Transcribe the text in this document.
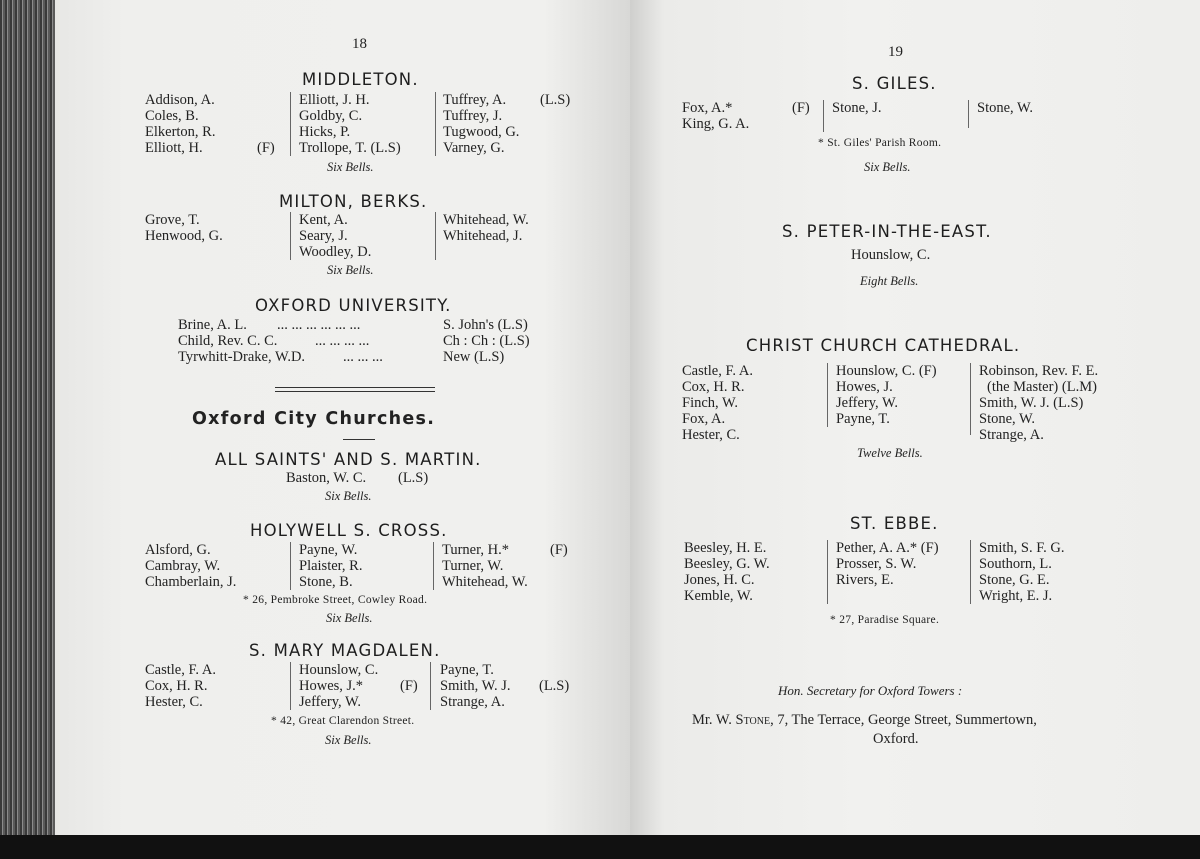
18
MIDDLETON.
Addison, A.
Coles, B.
Elkerton, R.
Elliott, H.	(F)
Elliott, J. H.
Goldby, C.
Hicks, P.
Trollope, T. (L.S)
Tuffrey, A.
Tuffrey, J.
Tugwood, G.
Varney, G.
(L.S)
Six Bells.
MILTON, BERKS.
Grove, T.
Henwood, G.
Kent, A.
Seary, J.
Woodley, D.
Whitehead, W.
Whitehead, J.
Six Bells.
OXFORD UNIVERSITY.
Brine, A. L.
Child, Rev. C. C.
Tyrwhitt-Drake, W.D.
... ... ... ... ... ...
... ... ... ...
... ... ...
S. John's (L.S)
Ch : Ch : (L.S)
New (L.S)
Oxford City Churches.
ALL SAINTS' AND S. MARTIN.
Baston, W. C. (L.S)
Six Bells.
HOLYWELL S. CROSS.
Alsford, G.
Cambray, W.
Chamberlain, J.
Payne, W.
Plaister, R.
Stone, B.
Turner, H.*
Turner, W.
Whitehead, W.
(F)
* 26, Pembroke Street, Cowley Road.
Six Bells.
S. MARY MAGDALEN.
Castle, F. A.
Cox, H. R.
Hester, C.
Hounslow, C.
Howes, J.*
Jeffery, W.
(F)
Payne, T.
Smith, W. J.
Strange, A.
(L.S)
* 42, Great Clarendon Street.
Six Bells.
19
S. GILES.
Fox, A.*
King, G. A.
(F) Stone, J.	Stone, W.
* St. Giles' Parish Room.
Six Bells.
S. PETER-IN-THE-EAST.
Hounslow, C.
Eight Bells.
CHRIST CHURCH CATHEDRAL.
Castle, F. A.
Cox, H. R.
Finch, W.
Fox, A.
Hester, C.
Hounslow, C. (F)
Howes, J.
Jeffery, W.
Payne, T.
Robinson, Rev. F. E.
(the Master) (L.M)
Smith, W. J. (L.S)
Stone, W.
Strange, A.
Twelve Bells.
ST. EBBE.
Beesley, H. E.
Beesley, G. W.
Jones, H. C.
Kemble, W.
Pether, A. A.* (F)
Prosser, S. W.
Rivers, E.
Smith, S. F. G.
Southorn, L.
Stone, G. E.
Wright, E. J.
* 27, Paradise Square.
Hon. Secretary for Oxford Towers :
Mr. W. Stone, 7, The Terrace, George Street, Summertown,
Oxford.
